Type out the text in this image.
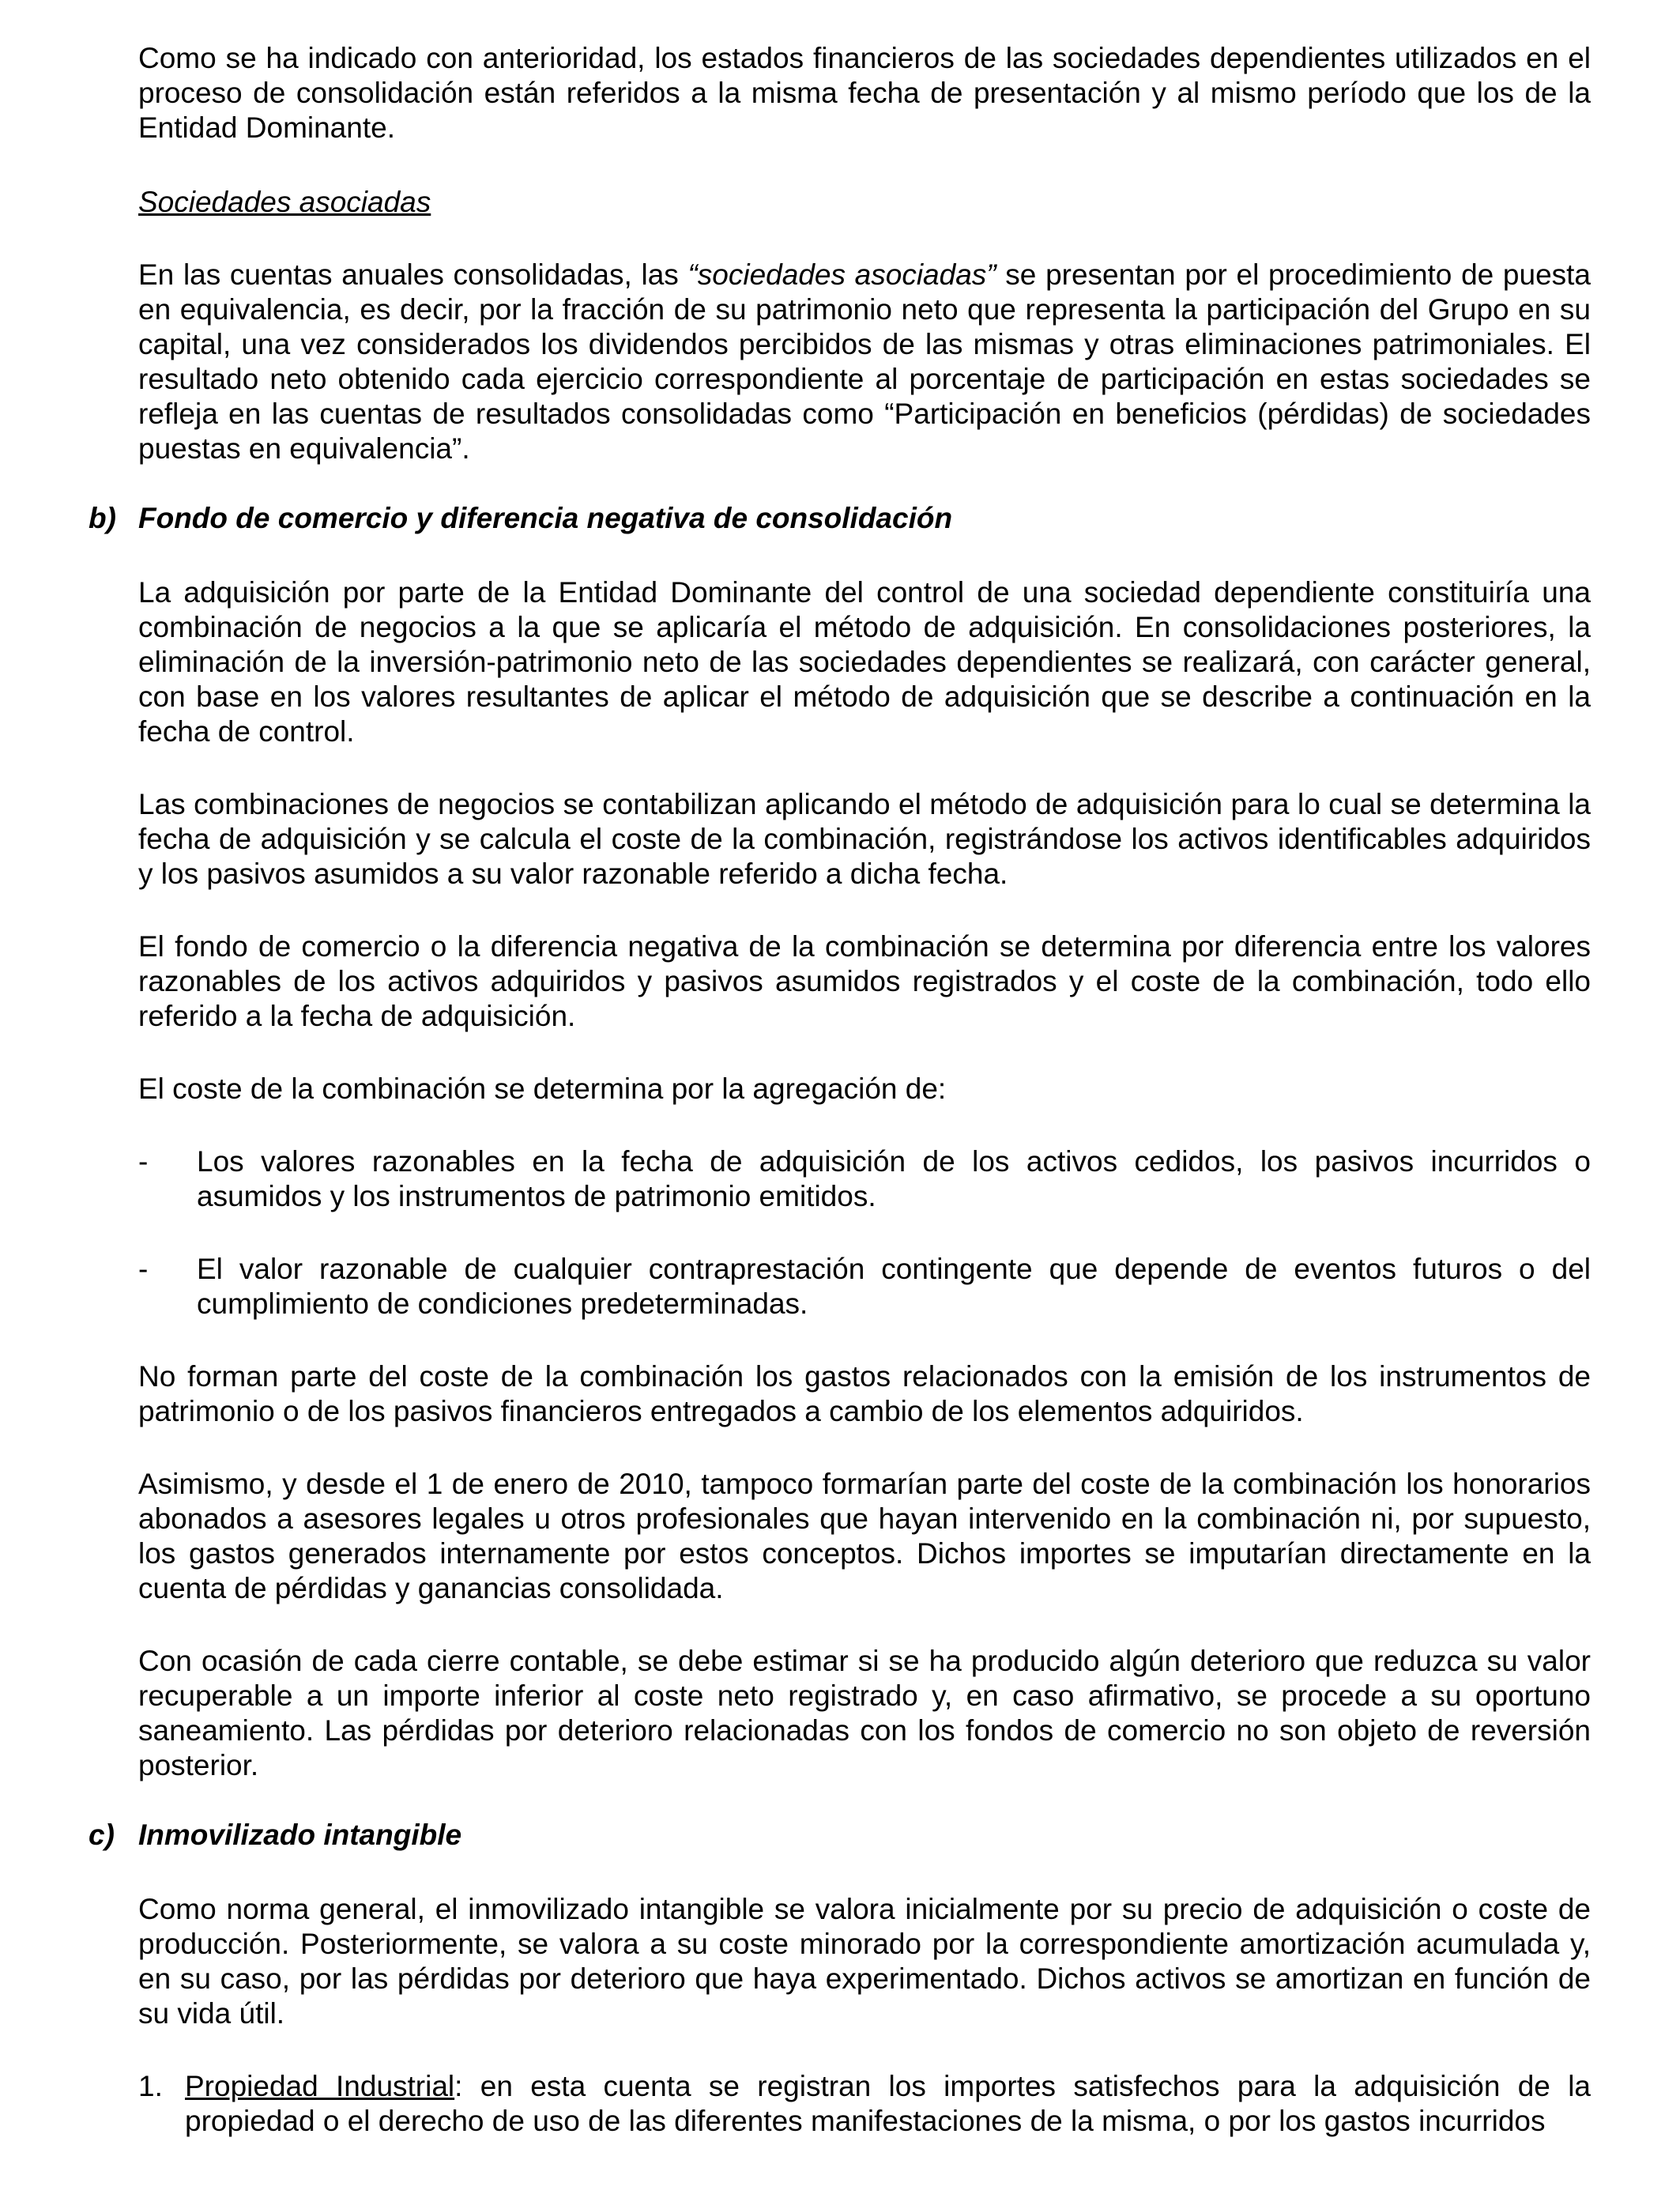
Como se ha indicado con anterioridad, los estados financieros de las sociedades dependientes utilizados en el proceso de consolidación están referidos a la misma fecha de presentación y al mismo período que los de la Entidad Dominante.

Sociedades asociadas

En las cuentas anuales consolidadas, las “sociedades asociadas” se presentan por el procedimiento de puesta en equivalencia, es decir, por la fracción de su patrimonio neto que representa la participación del Grupo en su capital, una vez considerados los dividendos percibidos de las mismas y otras eliminaciones patrimoniales. El resultado neto obtenido cada ejercicio correspondiente al porcentaje de participación en estas sociedades se refleja en las cuentas de resultados consolidadas como “Participación en beneficios (pérdidas) de sociedades puestas en equivalencia”.

b) Fondo de comercio y diferencia negativa de consolidación

La adquisición por parte de la Entidad Dominante del control de una sociedad dependiente constituiría una combinación de negocios a la que se aplicaría el método de adquisición. En consolidaciones posteriores, la eliminación de la inversión-patrimonio neto de las sociedades dependientes se realizará, con carácter general, con base en los valores resultantes de aplicar el método de adquisición que se describe a continuación en la fecha de control.

Las combinaciones de negocios se contabilizan aplicando el método de adquisición para lo cual se determina la fecha de adquisición y se calcula el coste de la combinación, registrándose los activos identificables adquiridos y los pasivos asumidos a su valor razonable referido a dicha fecha.

El fondo de comercio o la diferencia negativa de la combinación se determina por diferencia entre los valores razonables de los activos adquiridos y pasivos asumidos registrados y el coste de la combinación, todo ello referido a la fecha de adquisición.

El coste de la combinación se determina por la agregación de:

-	Los valores razonables en la fecha de adquisición de los activos cedidos, los pasivos incurridos o asumidos y los instrumentos de patrimonio emitidos.

-	El valor razonable de cualquier contraprestación contingente que depende de eventos futuros o del cumplimiento de condiciones predeterminadas.

No forman parte del coste de la combinación los gastos relacionados con la emisión de los instrumentos de patrimonio o de los pasivos financieros entregados a cambio de los elementos adquiridos.

Asimismo, y desde el 1 de enero de 2010, tampoco formarían parte del coste de la combinación los honorarios abonados a asesores legales u otros profesionales que hayan intervenido en la combinación ni, por supuesto, los gastos generados internamente por estos conceptos. Dichos importes se imputarían directamente en la cuenta de pérdidas y ganancias consolidada.

Con ocasión de cada cierre contable, se debe estimar si se ha producido algún deterioro que reduzca su valor recuperable a un importe inferior al coste neto registrado y, en caso afirmativo, se procede a su oportuno saneamiento. Las pérdidas por deterioro relacionadas con los fondos de comercio no son objeto de reversión posterior.

c) Inmovilizado intangible

Como norma general, el inmovilizado intangible se valora inicialmente por su precio de adquisición o coste de producción. Posteriormente, se valora a su coste minorado por la correspondiente amortización acumulada y, en su caso, por las pérdidas por deterioro que haya experimentado. Dichos activos se amortizan en función de su vida útil.

1. Propiedad Industrial: en esta cuenta se registran los importes satisfechos para la adquisición de la propiedad o el derecho de uso de las diferentes manifestaciones de la misma, o por los gastos incurridos
